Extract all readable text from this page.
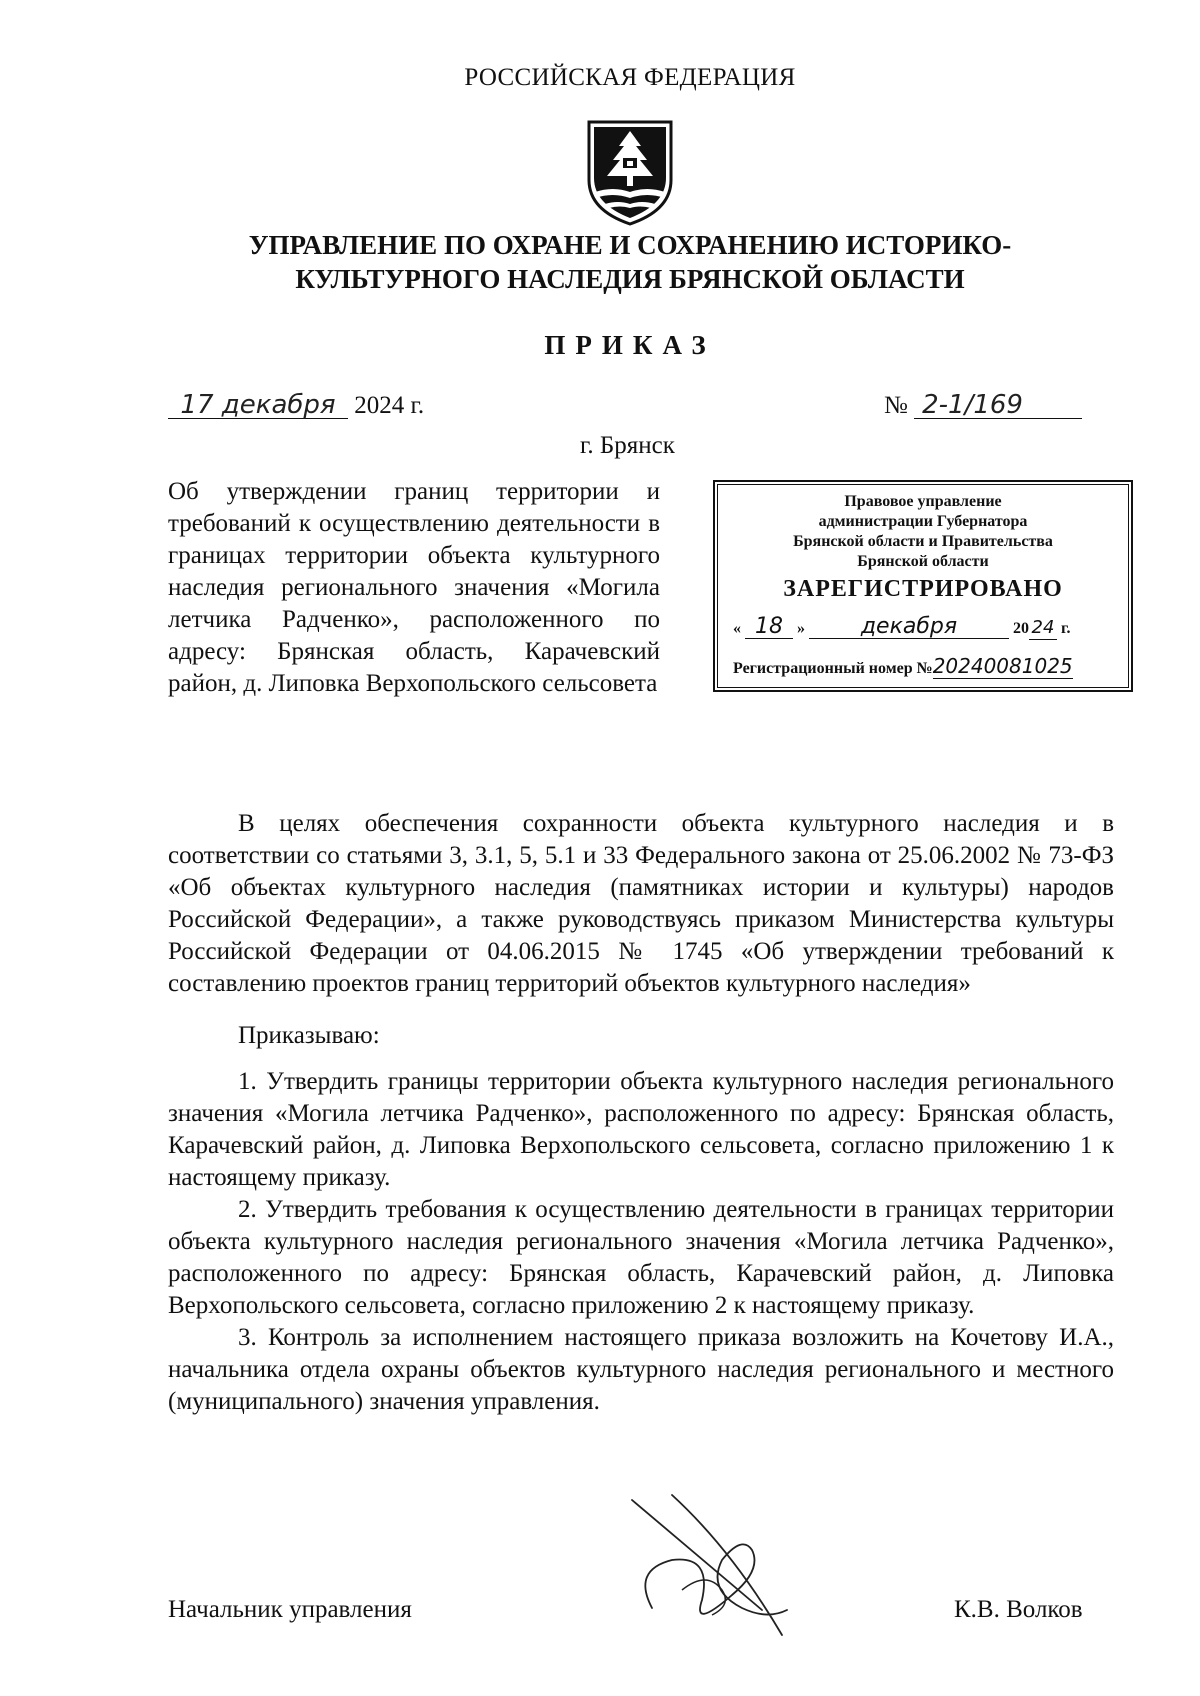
РОССИЙСКАЯ ФЕДЕРАЦИЯ
УПРАВЛЕНИЕ ПО ОХРАНЕ И СОХРАНЕНИЮ ИСТОРИКО-
КУЛЬТУРНОГО НАСЛЕДИЯ БРЯНСКОЙ ОБЛАСТИ
ПРИКАЗ
17 декабря 2024 г.	№ 2-1/169
г. Брянск
Об утверждении границ территории и требований к осуществлению деятельности в границах территории объекта культурного наследия регионального значения «Могила летчика Радченко», расположенного по адресу: Брянская область, Карачевский район, д. Липовка Верхопольского сельсовета
Правовое управление
администрации Губернатора
Брянской области и Правительства
Брянской области
ЗАРЕГИСТРИРОВАНО
« 18 »	декабря	20 24 г.
Регистрационный номер №20240081025

В целях обеспечения сохранности объекта культурного наследия и в соответствии со статьями 3, 3.1, 5, 5.1 и 33 Федерального закона от 25.06.2002 № 73-ФЗ «Об объектах культурного наследия (памятниках истории и культуры) народов Российской Федерации», а также руководствуясь приказом Министерства культуры Российской Федерации от 04.06.2015 № 1745 «Об утверждении требований к составлению проектов границ территорий объектов культурного наследия»

Приказываю:

1. Утвердить границы территории объекта культурного наследия регионального значения «Могила летчика Радченко», расположенного по адресу: Брянская область, Карачевский район, д. Липовка Верхопольского сельсовета, согласно приложению 1 к настоящему приказу.

2. Утвердить требования к осуществлению деятельности в границах территории объекта культурного наследия регионального значения «Могила летчика Радченко», расположенного по адресу: Брянская область, Карачевский район, д. Липовка Верхопольского сельсовета, согласно приложению 2 к настоящему приказу.

3. Контроль за исполнением настоящего приказа возложить на Кочетову И.А., начальника отдела охраны объектов культурного наследия регионального и местного (муниципального) значения управления.

Начальник управления	К.В. Волков
